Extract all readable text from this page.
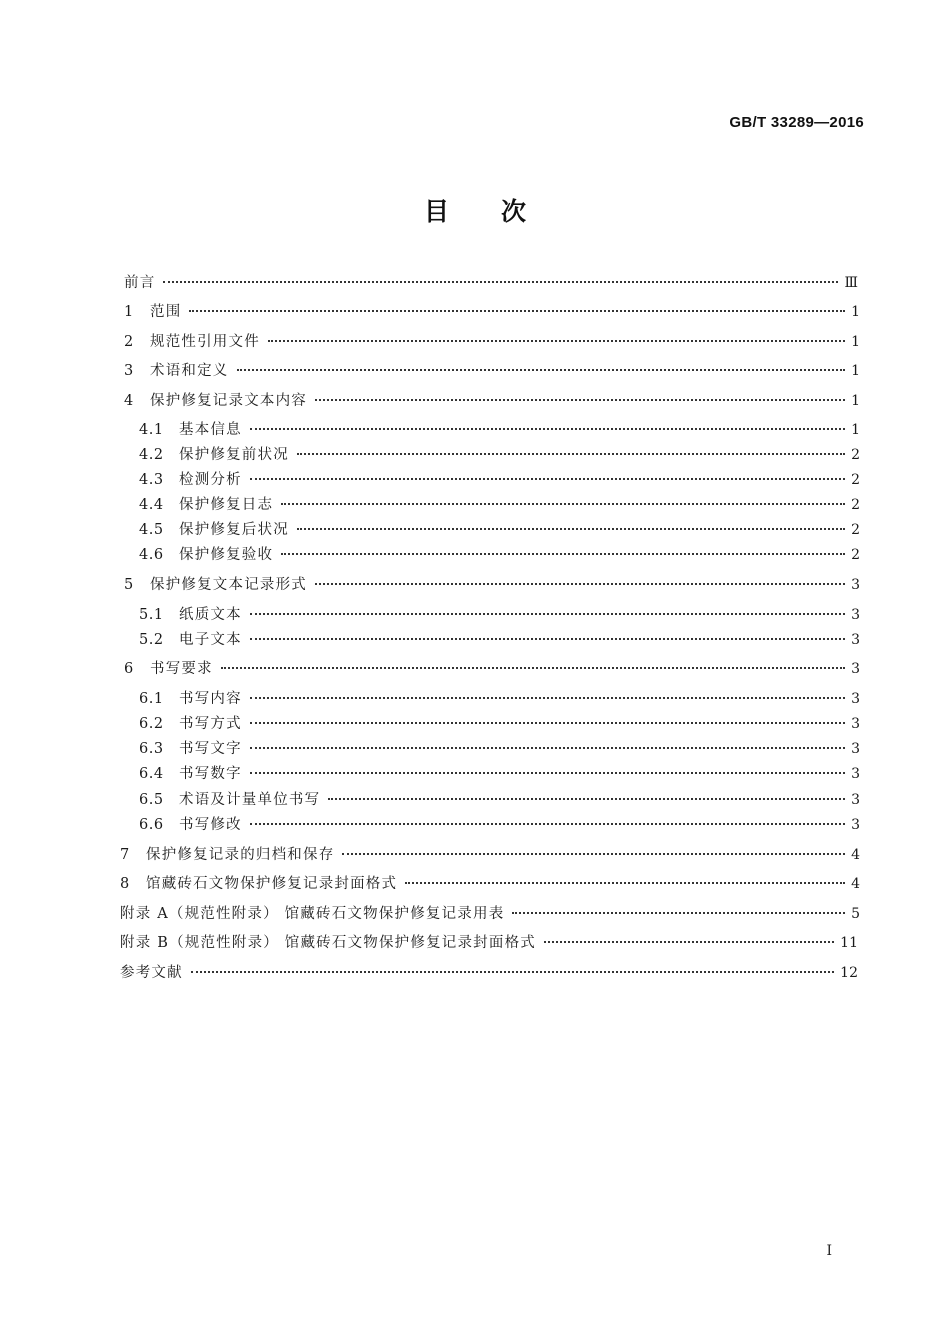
GB/T 33289—2016
目 次
前言	Ⅲ
1	范围	1
2	规范性引用文件	1
3	术语和定义	1
4	保护修复记录文本内容	1
4.1	基本信息	1
4.2	保护修复前状况	2
4.3	检测分析	2
4.4	保护修复日志	2
4.5	保护修复后状况	2
4.6	保护修复验收	2
5	保护修复文本记录形式	3
5.1	纸质文本	3
5.2	电子文本	3
6	书写要求	3
6.1	书写内容	3
6.2	书写方式	3
6.3	书写文字	3
6.4	书写数字	3
6.5	术语及计量单位书写	3
6.6	书写修改	3
7	保护修复记录的归档和保存	4
8	馆藏砖石文物保护修复记录封面格式	4
附录 A（规范性附录） 馆藏砖石文物保护修复记录用表	5
附录 B（规范性附录） 馆藏砖石文物保护修复记录封面格式	11
参考文献	12
I
